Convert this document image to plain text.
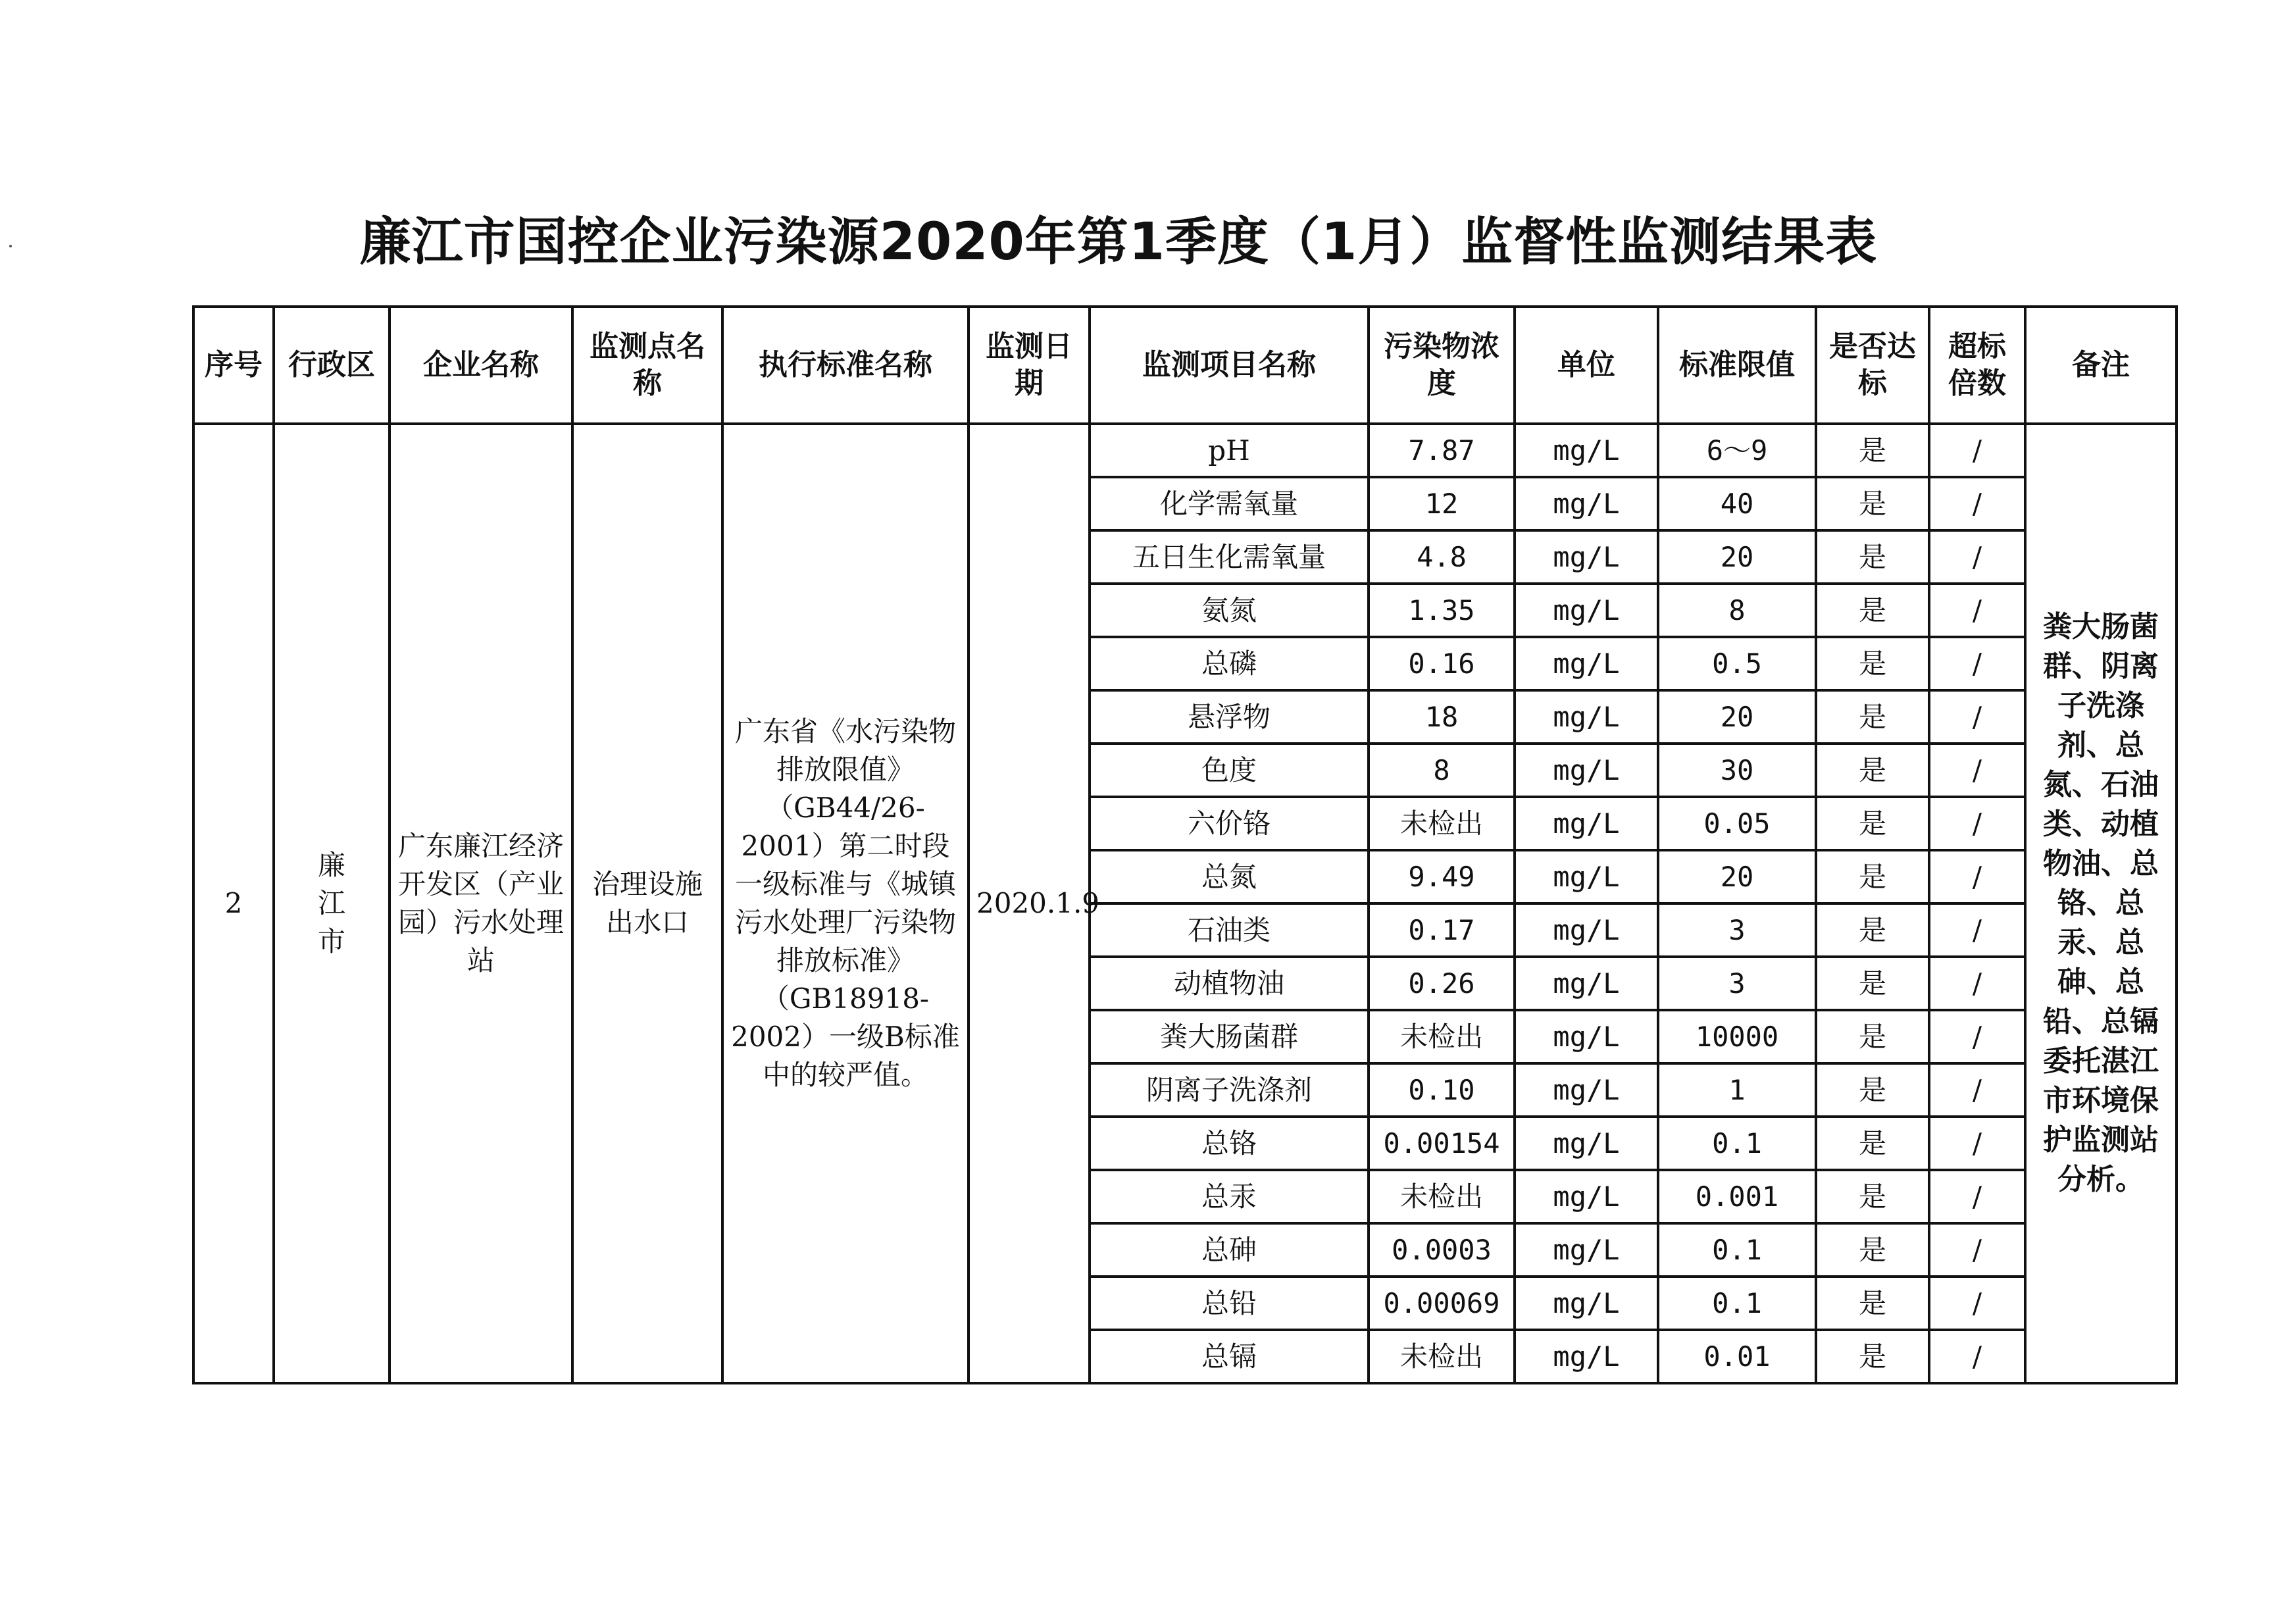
廉江市国控企业污染源2020年第1季度（1月）监督性监测结果表
序号	行政区	企业名称	监测点名称	执行标准名称	监测日期	监测项目名称	污染物浓度	单位	标准限值	是否达标	超标倍数	备注
2	廉江市	广东廉江经济开发区（产业园）污水处理站	治理设施出水口	广东省《水污染物排放限值》（GB44/26-2001）第二时段一级标准与《城镇污水处理厂污染物排放标准》（GB18918-2002）一级B标准中的较严值。	2020.1.9	pH	7.87	mg/L	6～9	是	/	粪大肠菌群、阴离子洗涤剂、总氮、石油类、动植物油、总铬、总汞、总砷、总铅、总镉委托湛江市环境保护监测站分析。
						化学需氧量	12	mg/L	40	是	/	
						五日生化需氧量	4.8	mg/L	20	是	/	
						氨氮	1.35	mg/L	8	是	/	
						总磷	0.16	mg/L	0.5	是	/	
						悬浮物	18	mg/L	20	是	/	
						色度	8	mg/L	30	是	/	
						六价铬	未检出	mg/L	0.05	是	/	
						总氮	9.49	mg/L	20	是	/	
						石油类	0.17	mg/L	3	是	/	
						动植物油	0.26	mg/L	3	是	/	
						粪大肠菌群	未检出	mg/L	10000	是	/	
						阴离子洗涤剂	0.10	mg/L	1	是	/	
						总铬	0.00154	mg/L	0.1	是	/	
						总汞	未检出	mg/L	0.001	是	/	
						总砷	0.0003	mg/L	0.1	是	/	
						总铅	0.00069	mg/L	0.1	是	/	
						总镉	未检出	mg/L	0.01	是	/	
